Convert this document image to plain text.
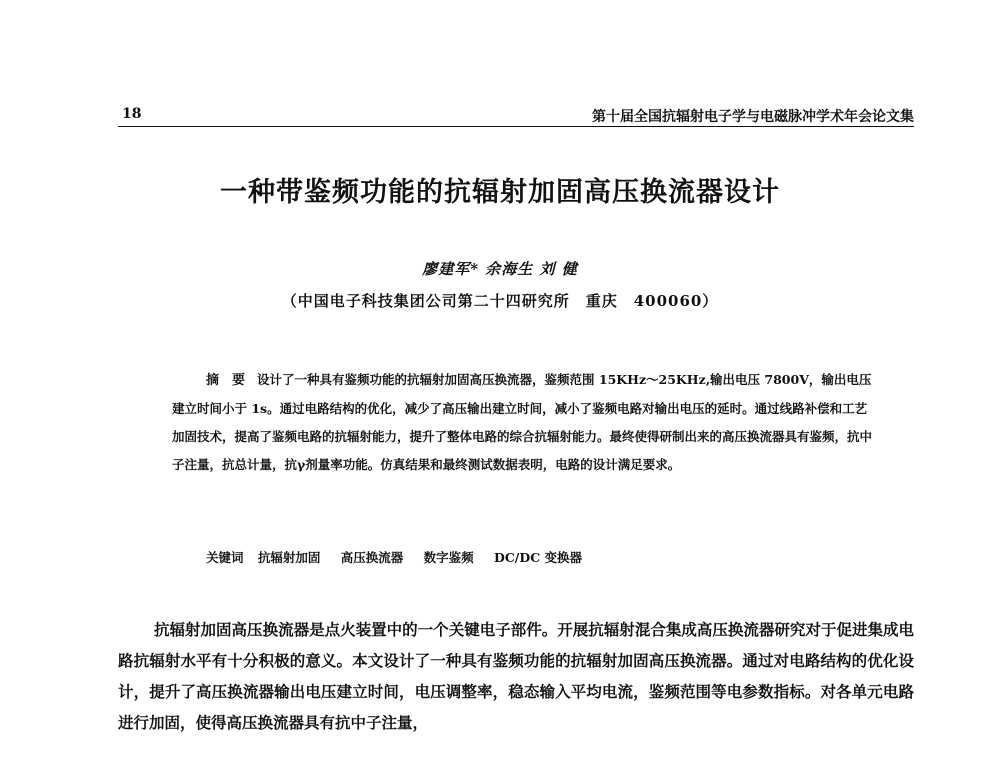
18	第十届全国抗辐射电子学与电磁脉冲学术年会论文集
一种带鉴频功能的抗辐射加固高压换流器设计
廖建军* 余海生 刘 健
（中国电子科技集团公司第二十四研究所　重庆　400060）

摘　要 设计了一种具有鉴频功能的抗辐射加固高压换流器，鉴频范围 15KHz～25KHz,输出电压 7800V，输出电压建立时间小于 1s。通过电路结构的优化，减少了高压输出建立时间，减小了鉴频电路对输出电压的延时。通过线路补偿和工艺加固技术，提高了鉴频电路的抗辐射能力，提升了整体电路的综合抗辐射能力。最终使得研制出来的高压换流器具有鉴频，抗中子注量，抗总计量，抗γ剂量率功能。仿真结果和最终测试数据表明，电路的设计满足要求。

关键词 抗辐射加固 高压换流器 数字鉴频 DC/DC 变换器

抗辐射加固高压换流器是点火装置中的一个关键电子部件。开展抗辐射混合集成高压换流器研究对于促进集成电路抗辐射水平有十分积极的意义。本文设计了一种具有鉴频功能的抗辐射加固高压换流器。通过对电路结构的优化设计，提升了高压换流器输出电压建立时间，电压调整率，稳态输入平均电流，鉴频范围等电参数指标。对各单元电路进行加固，使得高压换流器具有抗中子注量，
